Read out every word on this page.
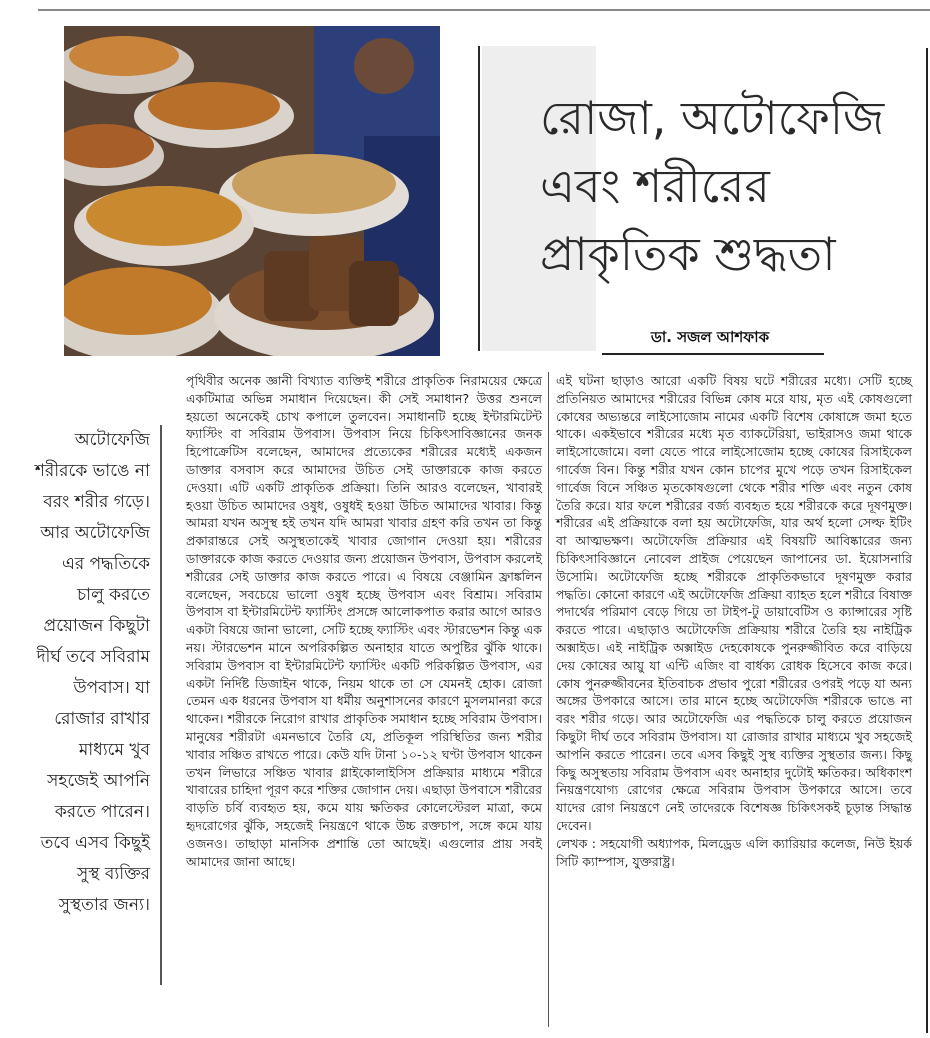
রোজা, অটোফেজি
এবং শরীরের
প্রাকৃতিক শুদ্ধতা
ডা. সজল আশফাক
অটোফেজি শরীরকে ভাঙে না বরং শরীর গড়ে। আর অটোফেজি এর পদ্ধতিকে চালু করতে প্রয়োজন কিছুটা দীর্ঘ তবে সবিরাম উপবাস। যা রোজার রাখার মাধ্যমে খুব সহজেই আপনি করতে পারেন। তবে এসব কিছুই সুস্থ ব্যক্তির সুস্থতার জন্য।

পৃথিবীর অনেক জ্ঞানী বিখ্যাত ব্যক্তিই শরীরে প্রাকৃতিক নিরাময়ের ক্ষেত্রে একটিমাত্র অভিন্ন সমাধান দিয়েছেন। কী সেই সমাধান? উত্তর শুনলে হয়তো অনেকেই চোখ কপালে তুলবেন। সমাধানটি হচ্ছে ইন্টারমিটেন্ট ফ্যাস্টিং বা সবিরাম উপবাস। উপবাস নিয়ে চিকিৎসাবিজ্ঞানের জনক হিপোক্রেটিস বলেছেন, আমাদের প্রত্যেকের শরীরের মধ্যেই একজন ডাক্তার বসবাস করে আমাদের উচিত সেই ডাক্তারকে কাজ করতে দেওয়া। এটি একটি প্রাকৃতিক প্রক্রিয়া। তিনি আরও বলেছেন, খাবারই হওয়া উচিত আমাদের ওষুধ, ওষুধই হওয়া উচিত আমাদের খাবার। কিন্তু আমরা যখন অসুস্থ হই তখন যদি আমরা খাবার গ্রহণ করি তখন তা কিন্তু প্রকারান্তরে সেই অসুস্থতাকেই খাবার জোগান দেওয়া হয়। শরীরের ডাক্তারকে কাজ করতে দেওয়ার জন্য প্রয়োজন উপবাস, উপবাস করলেই শরীরের সেই ডাক্তার কাজ করতে পারে। এ বিষয়ে বেঞ্জামিন ফ্রাঙ্কলিন বলেছেন, সবচেয়ে ভালো ওষুধ হচ্ছে উপবাস এবং বিশ্রাম। সবিরাম উপবাস বা ইন্টারমিটেন্ট ফ্যাস্টিং প্রসঙ্গে আলোকপাত করার আগে আরও একটা বিষয়ে জানা ভালো, সেটি হচ্ছে ফ্যাস্টিং এবং স্টারভেশন কিন্তু এক নয়। স্টারভেশন মানে অপরিকল্পিত অনাহার যাতে অপুষ্টির ঝুঁকি থাকে। সবিরাম উপবাস বা ইন্টারমিটেন্ট ফ্যাস্টিং একটি পরিকল্পিত উপবাস, এর একটা নির্দিষ্ট ডিজাইন থাকে, নিয়ম থাকে তা সে যেমনই হোক। রোজা তেমন এক ধরনের উপবাস যা ধর্মীয় অনুশাসনের কারণে মুসলমানরা করে থাকেন। শরীরকে নিরোগ রাখার প্রাকৃতিক সমাধান হচ্ছে সবিরাম উপবাস। মানুষের শরীরটা এমনভাবে তৈরি যে, প্রতিকূল পরিস্থিতির জন্য শরীর খাবার সঞ্চিত রাখতে পারে। কেউ যদি টানা ১০-১২ ঘণ্টা উপবাস থাকেন তখন লিভারে সঞ্চিত খাবার গ্লাইকোলাইসিস প্রক্রিয়ার মাধ্যমে শরীরে খাবারের চাহিদা পূরণ করে শক্তির জোগান দেয়। এছাড়া উপবাসে শরীরের বাড়তি চর্বি ব্যবহৃত হয়, কমে যায় ক্ষতিকর কোলেস্টেরল মাত্রা, কমে হৃদরোগের ঝুঁকি, সহজেই নিয়ন্ত্রণে থাকে উচ্চ রক্তচাপ, সঙ্গে কমে যায় ওজনও। তাছাড়া মানসিক প্রশান্তি তো আছেই। এগুলোর প্রায় সবই আমাদের জানা আছে।

এই ঘটনা ছাড়াও আরো একটি বিষয় ঘটে শরীরের মধ্যে। সেটি হচ্ছে প্রতিনিয়ত আমাদের শরীরের বিভিন্ন কোষ মরে যায়, মৃত এই কোষগুলো কোষের অভ্যন্তরে লাইসোজোম নামের একটি বিশেষ কোষাঙ্গে জমা হতে থাকে। একইভাবে শরীরের মধ্যে মৃত ব্যাকটেরিয়া, ভাইরাসও জমা থাকে লাইসোজোমে। বলা যেতে পারে লাইসোজোম হচ্ছে কোষের রিসাইকেল গার্বেজ বিন। কিন্তু শরীর যখন কোন চাপের মুখে পড়ে তখন রিসাইকেল গার্বেজ বিনে সঞ্চিত মৃতকোষগুলো থেকে শরীর শক্তি এবং নতুন কোষ তৈরি করে। যার ফলে শরীরের বর্জ্য ব্যবহৃত হয়ে শরীরকে করে দূষণমুক্ত। শরীরের এই প্রক্রিয়াকে বলা হয় অটোফেজি, যার অর্থ হলো সেল্ফ ইটিং বা আত্মভক্ষণ। অটোফেজি প্রক্রিয়ার এই বিষয়টি আবিষ্কারের জন্য চিকিৎসাবিজ্ঞানে নোবেল প্রাইজ পেয়েছেন জাপানের ডা. ইয়োসনারি উসোমি। অটোফেজি হচ্ছে শরীরকে প্রাকৃতিকভাবে দূষণমুক্ত করার পদ্ধতি। কোনো কারণে এই অটোফেজি প্রক্রিয়া ব্যাহত হলে শরীরে বিষাক্ত পদার্থের পরিমাণ বেড়ে গিয়ে তা টাইপ-টু ডায়াবেটিস ও ক্যান্সারের সৃষ্টি করতে পারে। এছাড়াও অটোফেজি প্রক্রিয়ায় শরীরে তৈরি হয় নাইট্রিক অক্সাইড। এই নাইট্রিক অক্সাইড দেহকোষকে পুনরুজ্জীবিত করে বাড়িয়ে দেয় কোষের আয়ু যা এন্টি এজিং বা বার্ধক্য রোধক হিসেবে কাজ করে। কোষ পুনরুজ্জীবনের ইতিবাচক প্রভাব পুরো শরীরের ওপরই পড়ে যা অন্য অঙ্গের উপকারে আসে। তার মানে হচ্ছে অটোফেজি শরীরকে ভাঙে না বরং শরীর গড়ে। আর অটোফেজি এর পদ্ধতিকে চালু করতে প্রয়োজন কিছুটা দীর্ঘ তবে সবিরাম উপবাস। যা রোজার রাখার মাধ্যমে খুব সহজেই আপনি করতে পারেন। তবে এসব কিছুই সুস্থ ব্যক্তির সুস্থতার জন্য। কিছু কিছু অসুস্থতায় সবিরাম উপবাস এবং অনাহার দুটোই ক্ষতিকর। অধিকাংশ নিয়ন্ত্রণযোগ্য রোগের ক্ষেত্রে সবিরাম উপবাস উপকারে আসে। তবে যাদের রোগ নিয়ন্ত্রণে নেই তাদেরকে বিশেষজ্ঞ চিকিৎসকই চূড়ান্ত সিদ্ধান্ত দেবেন।

লেখক : সহযোগী অধ্যাপক, মিলড্রেড এলি ক্যারিয়ার কলেজ, নিউ ইয়র্ক সিটি ক্যাম্পাস, যুক্তরাষ্ট্র।
